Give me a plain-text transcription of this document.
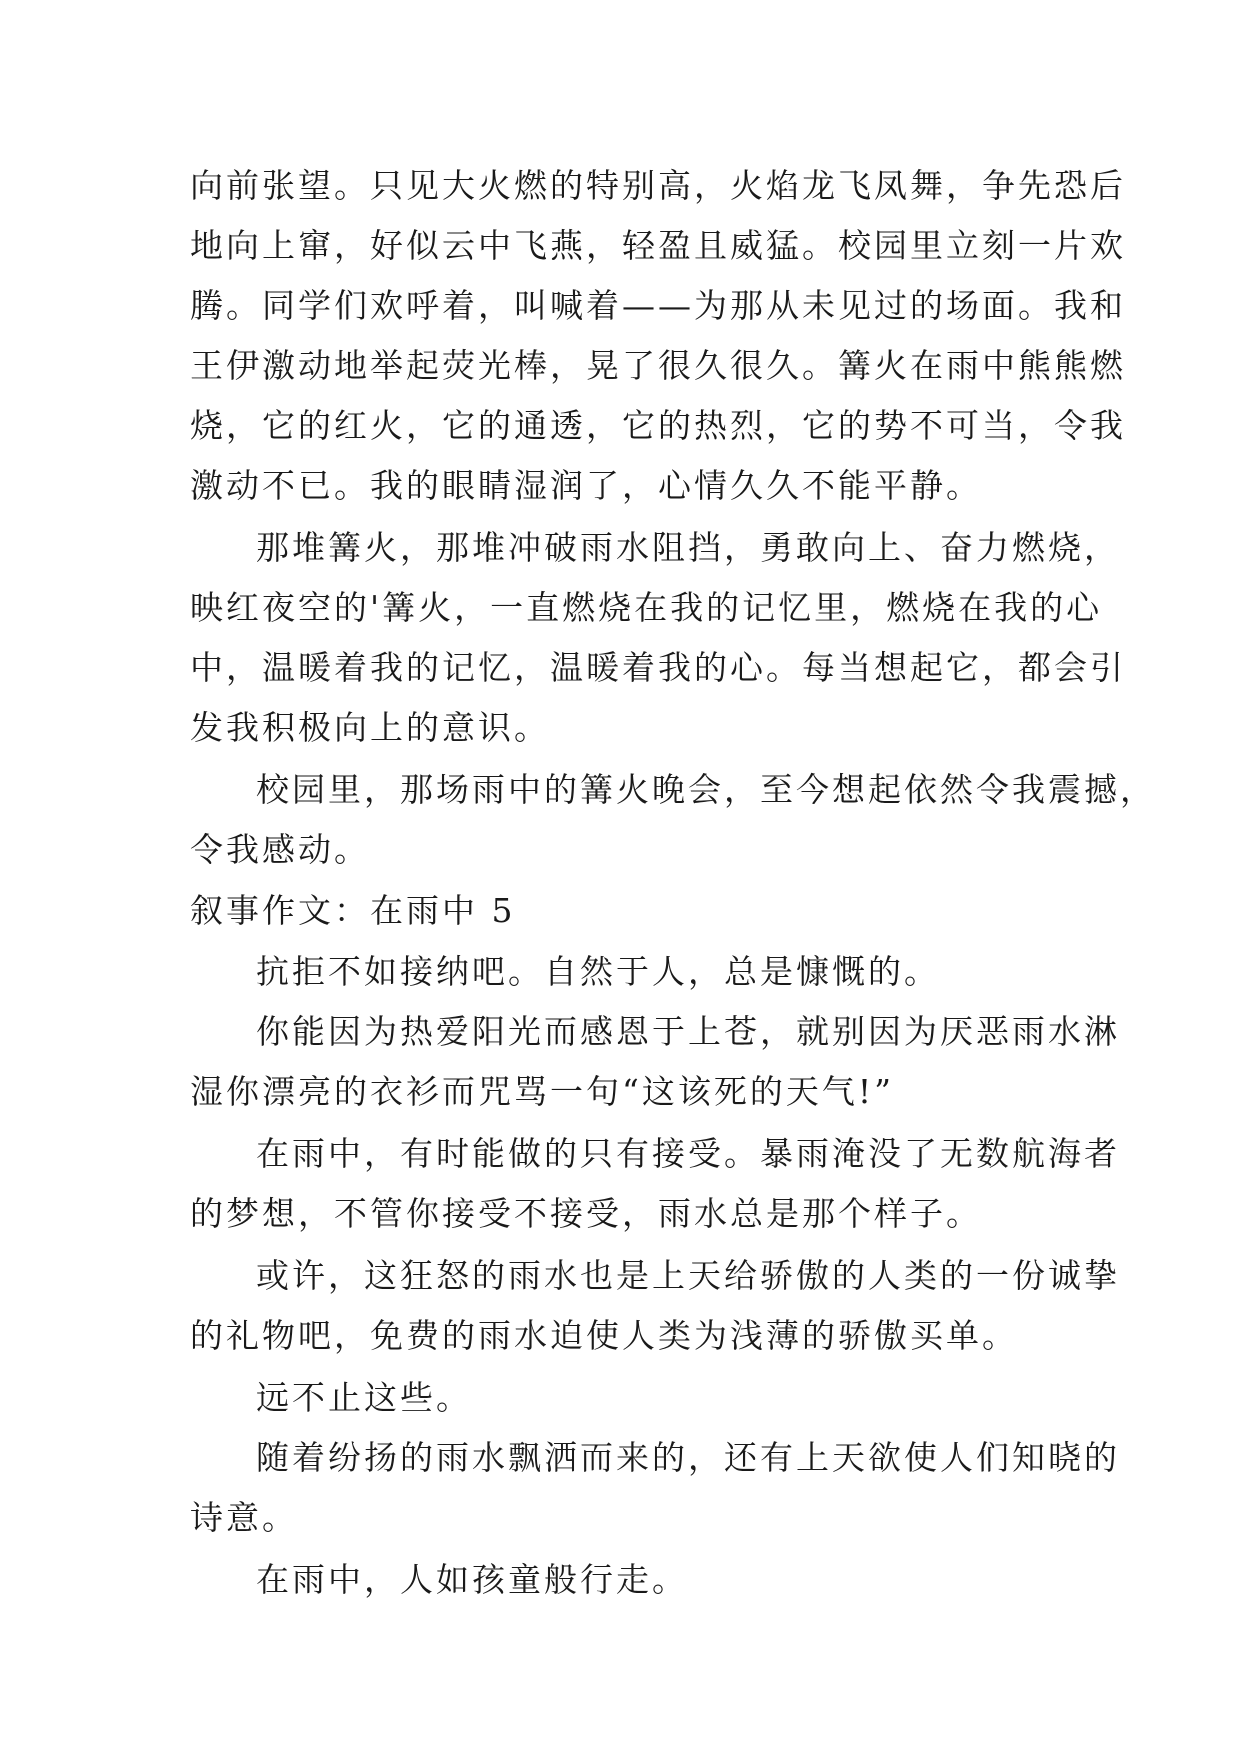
向前张望。只见大火燃的特别高，火焰龙飞凤舞，争先恐后
地向上窜，好似云中飞燕，轻盈且威猛。校园里立刻一片欢
腾。同学们欢呼着，叫喊着——为那从未见过的场面。我和
王伊激动地举起荧光棒，晃了很久很久。篝火在雨中熊熊燃
烧，它的红火，它的通透，它的热烈，它的势不可当，令我
激动不已。我的眼睛湿润了，心情久久不能平静。
那堆篝火，那堆冲破雨水阻挡，勇敢向上、奋力燃烧，
映红夜空的'篝火，一直燃烧在我的记忆里，燃烧在我的心
中，温暖着我的记忆，温暖着我的心。每当想起它，都会引
发我积极向上的意识。
校园里，那场雨中的篝火晚会，至今想起依然令我震撼，
令我感动。
叙事作文：在雨中 5
抗拒不如接纳吧。自然于人，总是慷慨的。
你能因为热爱阳光而感恩于上苍，就别因为厌恶雨水淋
湿你漂亮的衣衫而咒骂一句“这该死的天气!”
在雨中，有时能做的只有接受。暴雨淹没了无数航海者
的梦想，不管你接受不接受，雨水总是那个样子。
或许，这狂怒的雨水也是上天给骄傲的人类的一份诚挚
的礼物吧，免费的雨水迫使人类为浅薄的骄傲买单。
远不止这些。
随着纷扬的雨水飘洒而来的，还有上天欲使人们知晓的
诗意。
在雨中，人如孩童般行走。
